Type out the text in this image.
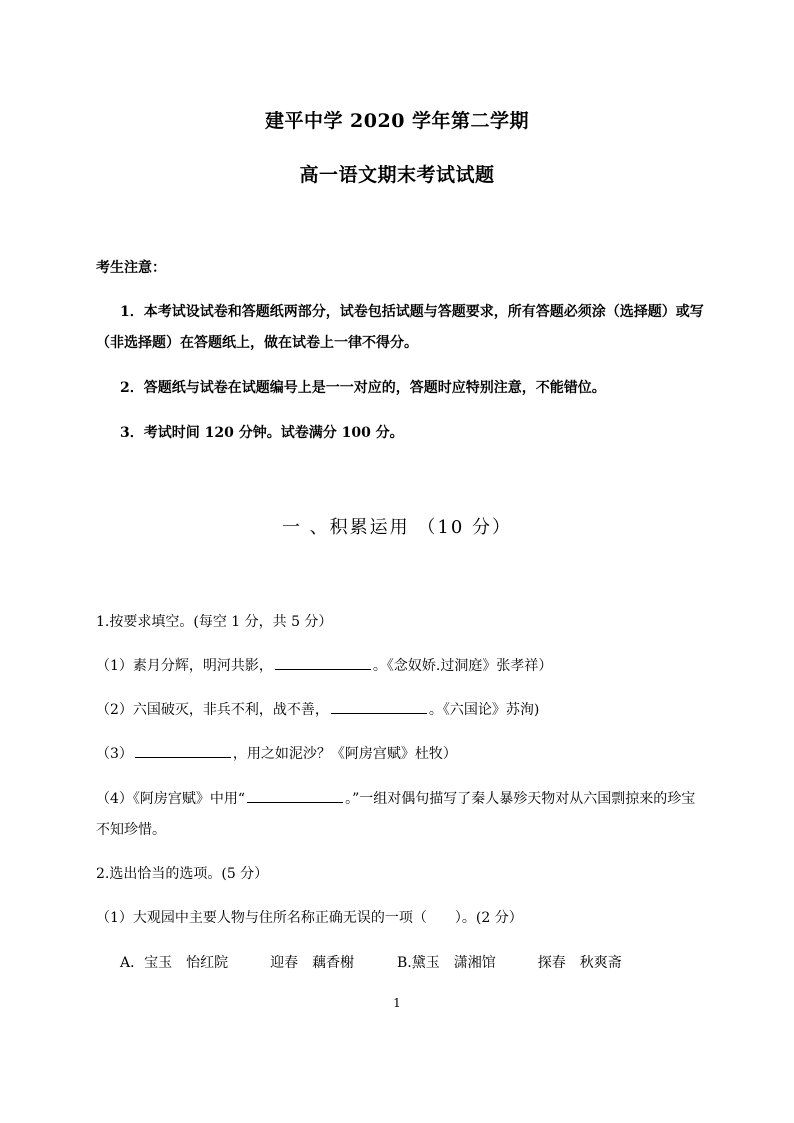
建平中学 2020 学年第二学期
高一语文期末考试试题
考生注意：
1．本考试设试卷和答题纸两部分，试卷包括试题与答题要求，所有答题必须涂（选择题）或写
（非选择题）在答题纸上，做在试卷上一律不得分。
2．答题纸与试卷在试题编号上是一一对应的，答题时应特别注意，不能错位。
3．考试时间 120 分钟。试卷满分 100 分。
一 、积累运用 （10 分）
1.按要求填空。(每空 1 分，共 5 分）
（1）素月分辉，明河共影，	。《念奴娇.过洞庭》张孝祥）
（2）六国破灭，非兵不利，战不善，	。《六国论》苏洵)
（3）	，用之如泥沙？《阿房宫赋》杜牧）
（4）《阿房宫赋》中用“	。”一组对偶句描写了秦人暴殄天物对从六国剽掠来的珍宝
不知珍惜。
2.选出恰当的选项。(5 分）
（1）大观园中主要人物与住所名称正确无误的一项（　　）。(2 分）
A．宝玉　怡红院　　　迎春　藕香榭	B.黛玉　潇湘馆　　　探春　秋爽斋
1
